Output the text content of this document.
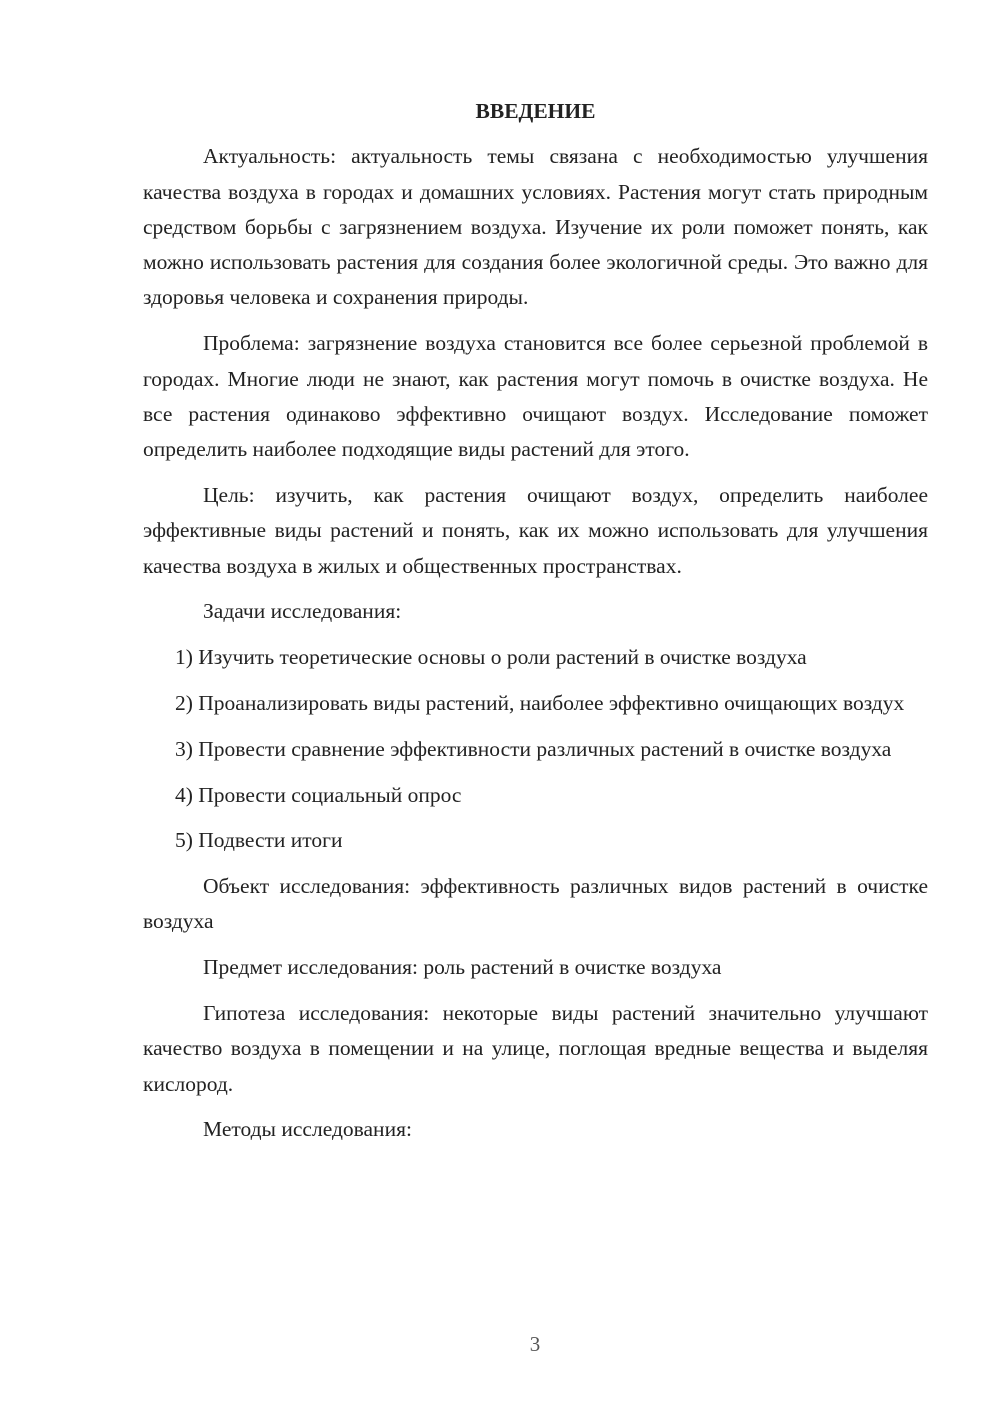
ВВЕДЕНИЕ

Актуальность: актуальность темы связана с необходимостью улучшения качества воздуха в городах и домашних условиях. Растения могут стать природным средством борьбы с загрязнением воздуха. Изучение их роли поможет понять, как можно использовать растения для создания более экологичной среды. Это важно для здоровья человека и сохранения природы.

Проблема: загрязнение воздуха становится все более серьезной проблемой в городах. Многие люди не знают, как растения могут помочь в очистке воздуха. Не все растения одинаково эффективно очищают воздух. Исследование поможет определить наиболее подходящие виды растений для этого.

Цель: изучить, как растения очищают воздух, определить наиболее эффективные виды растений и понять, как их можно использовать для улучшения качества воздуха в жилых и общественных пространствах.

Задачи исследования:

1) Изучить теоретические основы о роли растений в очистке воздуха

2) Проанализировать виды растений, наиболее эффективно очищающих воздух

3) Провести сравнение эффективности различных растений в очистке воздуха

4) Провести социальный опрос

5) Подвести итоги

Объект исследования: эффективность различных видов растений в очистке воздуха

Предмет исследования: роль растений в очистке воздуха

Гипотеза исследования: некоторые виды растений значительно улучшают качество воздуха в помещении и на улице, поглощая вредные вещества и выделяя кислород.

Методы исследования:

3
